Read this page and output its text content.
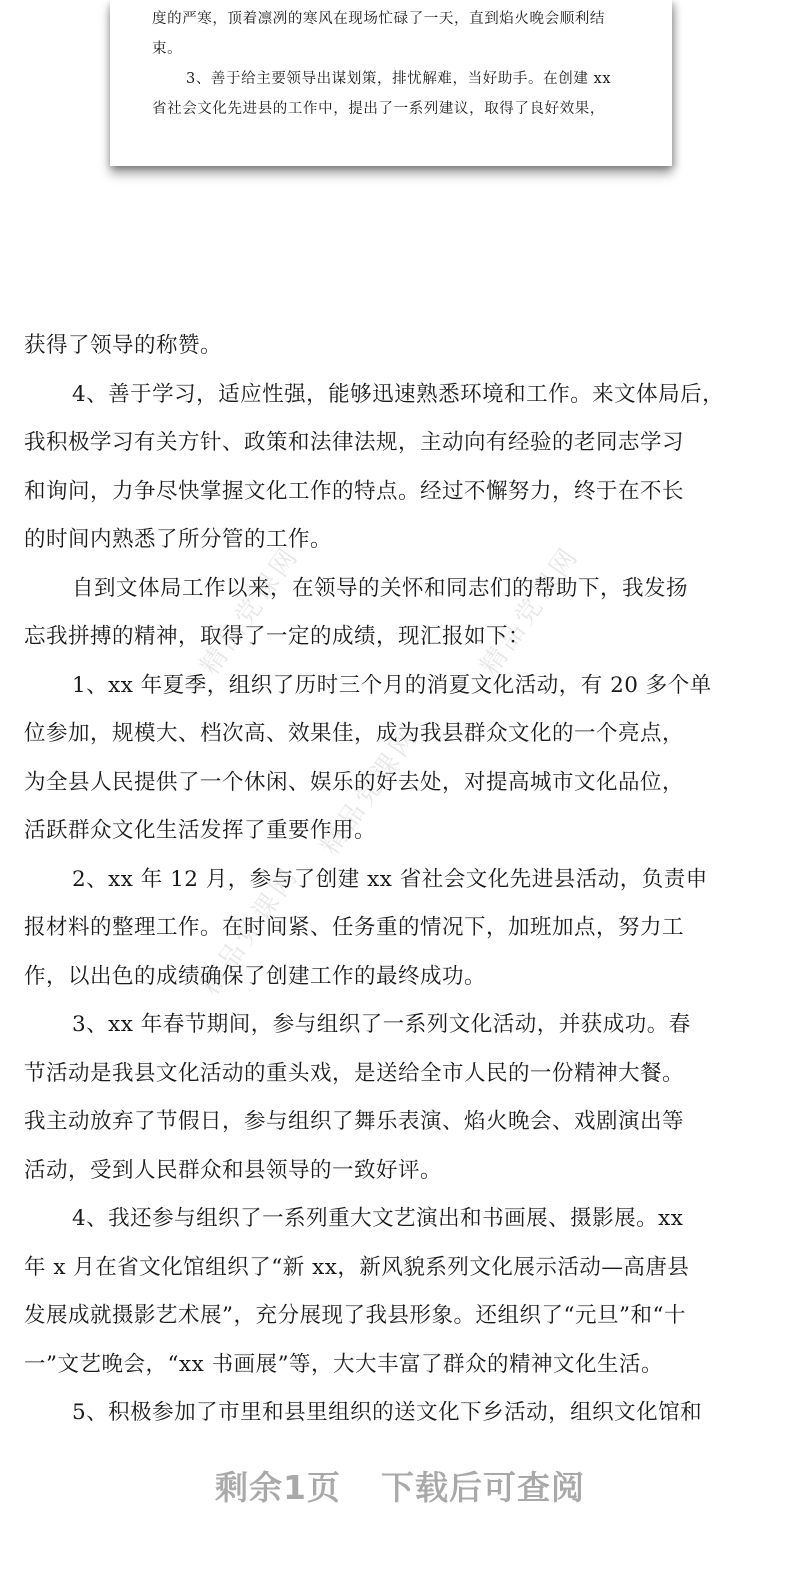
度的严寒，顶着凛冽的寒风在现场忙碌了一天，直到焰火晚会顺利结

束。

3、善于给主要领导出谋划策，排忧解难，当好助手。在创建 xx

省社会文化先进县的工作中，提出了一系列建议，取得了良好效果，

精品党课网	精品党课网
精品党课网
精品党课网

获得了领导的称赞。

4、善于学习，适应性强，能够迅速熟悉环境和工作。来文体局后，

我积极学习有关方针、政策和法律法规，主动向有经验的老同志学习

和询问，力争尽快掌握文化工作的特点。经过不懈努力，终于在不长

的时间内熟悉了所分管的工作。

自到文体局工作以来，在领导的关怀和同志们的帮助下，我发扬

忘我拼搏的精神，取得了一定的成绩，现汇报如下：

1、xx 年夏季，组织了历时三个月的消夏文化活动，有 20 多个单

位参加，规模大、档次高、效果佳，成为我县群众文化的一个亮点，

为全县人民提供了一个休闲、娱乐的好去处，对提高城市文化品位，

活跃群众文化生活发挥了重要作用。

2、xx 年 12 月，参与了创建 xx 省社会文化先进县活动，负责申

报材料的整理工作。在时间紧、任务重的情况下，加班加点，努力工

作，以出色的成绩确保了创建工作的最终成功。

3、xx 年春节期间，参与组织了一系列文化活动，并获成功。春

节活动是我县文化活动的重头戏，是送给全市人民的一份精神大餐。

我主动放弃了节假日，参与组织了舞乐表演、焰火晚会、戏剧演出等

活动，受到人民群众和县领导的一致好评。

4、我还参与组织了一系列重大文艺演出和书画展、摄影展。xx

年 x 月在省文化馆组织了“新 xx，新风貌系列文化展示活动—高唐县

发展成就摄影艺术展”，充分展现了我县形象。还组织了“元旦”和“十

一”文艺晚会，“xx 书画展”等，大大丰富了群众的精神文化生活。

5、积极参加了市里和县里组织的送文化下乡活动，组织文化馆和

剩余1页 下载后可查阅
